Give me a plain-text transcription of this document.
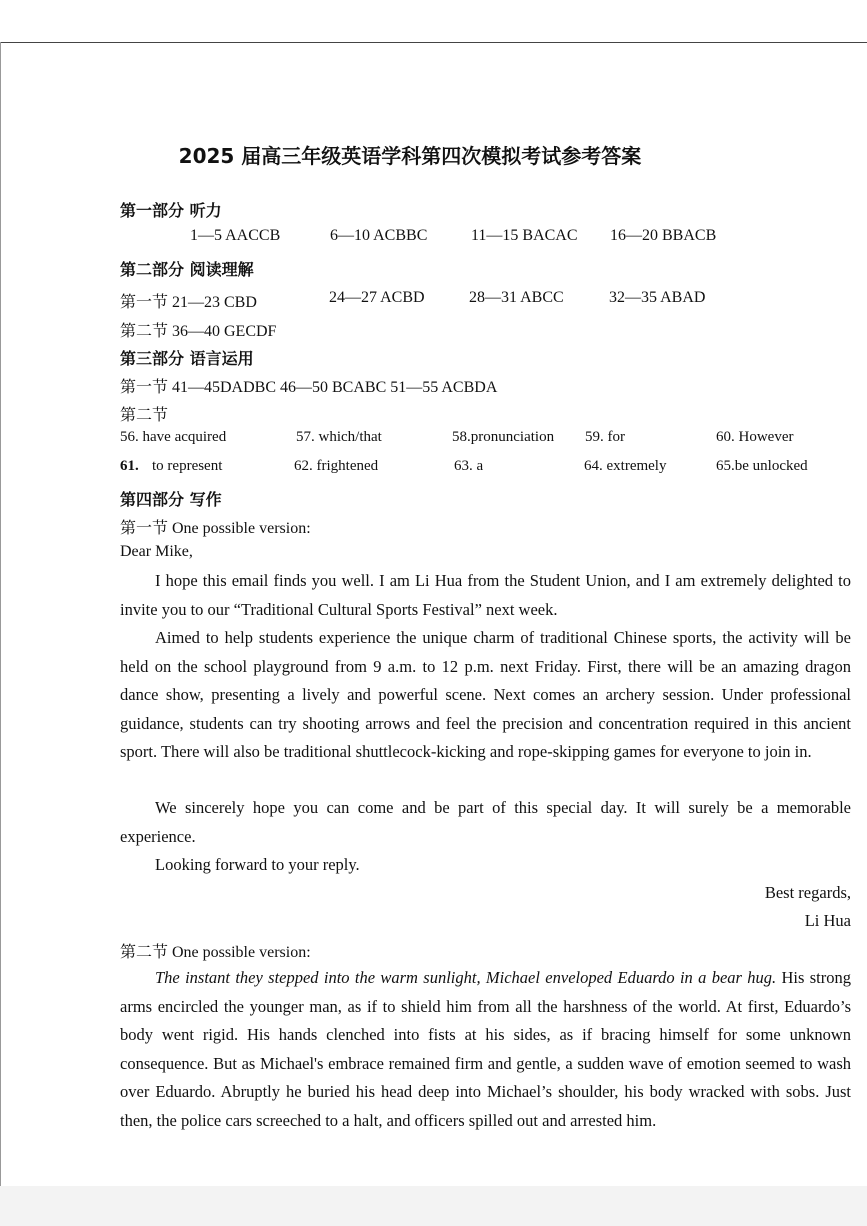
2025 届高三年级英语学科第四次模拟考试参考答案
第一部分 听力
1—5 AACCB	6—10 ACBBC	11—15 BACAC 16—20 BBACB
第二部分 阅读理解
第一节 21—23 CBD	24—27 ACBD	28—31 ABCC	32—35 ABAD
第二节 36—40 GECDF
第三部分 语言运用
第一节 41—45DADBC 46—50 BCABC 51—55 ACBDA
第二节
56. have acquired	57. which/that	58.pronunciation 59. for	60. However
61. to represent	62. frightened	63. a	64. extremely	65.be unlocked
第四部分 写作
第一节 One possible version:
Dear Mike,
I hope this email finds you well. I am Li Hua from the Student Union, and I am extremely delighted to invite you to our “Traditional Cultural Sports Festival” next week.
Aimed to help students experience the unique charm of traditional Chinese sports, the activity will be held on the school playground from 9 a.m. to 12 p.m. next Friday. First, there will be an amazing dragon dance show, presenting a lively and powerful scene. Next comes an archery session. Under professional guidance, students can try shooting arrows and feel the precision and concentration required in this ancient sport. There will also be traditional shuttlecock-kicking and rope-skipping games for everyone to join in.
We sincerely hope you can come and be part of this special day. It will surely be a memorable experience.
Looking forward to your reply.
Best regards,
Li Hua
第二节 One possible version:
The instant they stepped into the warm sunlight, Michael enveloped Eduardo in a bear hug. His strong arms encircled the younger man, as if to shield him from all the harshness of the world. At first, Eduardo’s body went rigid. His hands clenched into fists at his sides, as if bracing himself for some unknown consequence. But as Michael's embrace remained firm and gentle, a sudden wave of emotion seemed to wash over Eduardo. Abruptly he buried his head deep into Michael’s shoulder, his body wracked with sobs. Just then, the police cars screeched to a halt, and officers spilled out and arrested him.
